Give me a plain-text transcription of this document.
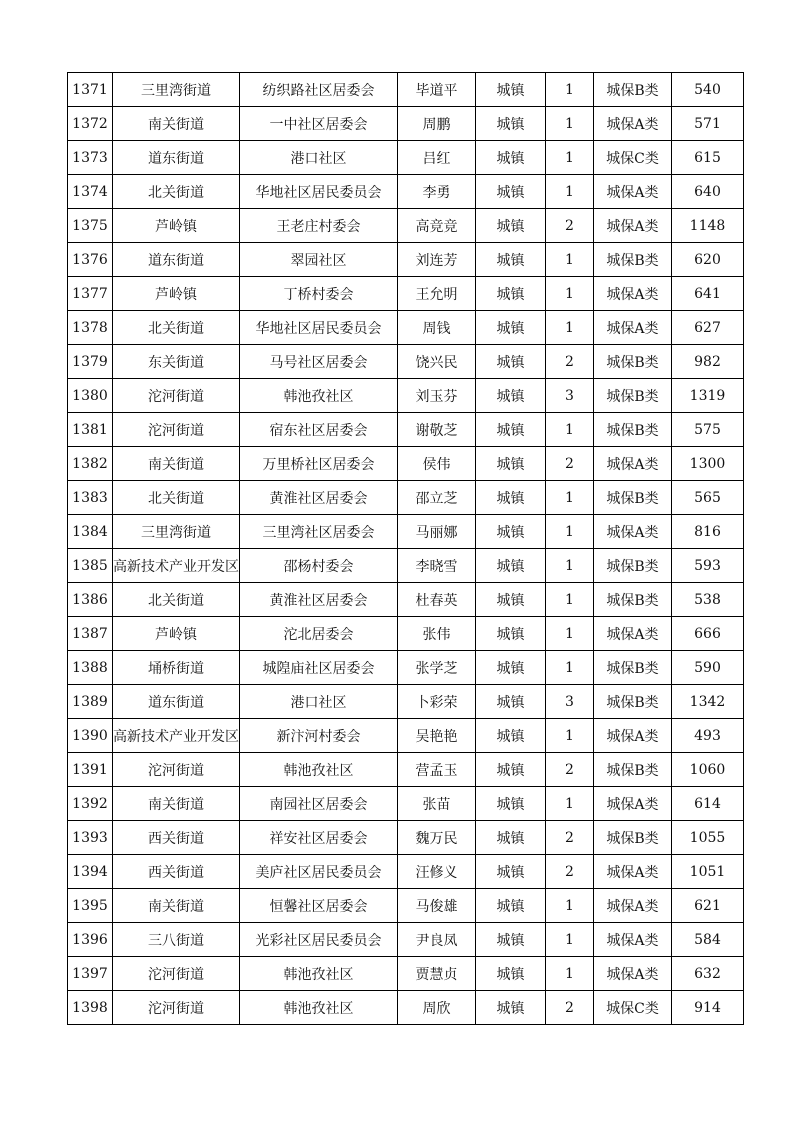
1371	三里湾街道	纺织路社区居委会	毕道平	城镇	1	城保B类	540
1372	南关街道	一中社区居委会	周鹏	城镇	1	城保A类	571
1373	道东街道	港口社区	吕红	城镇	1	城保C类	615
1374	北关街道	华地社区居民委员会	李勇	城镇	1	城保A类	640
1375	芦岭镇	王老庄村委会	高竞竞	城镇	2	城保A类	1148
1376	道东街道	翠园社区	刘连芳	城镇	1	城保B类	620
1377	芦岭镇	丁桥村委会	王允明	城镇	1	城保A类	641
1378	北关街道	华地社区居民委员会	周钱	城镇	1	城保A类	627
1379	东关街道	马号社区居委会	饶兴民	城镇	2	城保B类	982
1380	沱河街道	韩池孜社区	刘玉芬	城镇	3	城保B类	1319
1381	沱河街道	宿东社区居委会	谢敬芝	城镇	1	城保B类	575
1382	南关街道	万里桥社区居委会	侯伟	城镇	2	城保A类	1300
1383	北关街道	黄淮社区居委会	邵立芝	城镇	1	城保B类	565
1384	三里湾街道	三里湾社区居委会	马丽娜	城镇	1	城保A类	816
1385	高新技术产业开发区	邵杨村委会	李晓雪	城镇	1	城保B类	593
1386	北关街道	黄淮社区居委会	杜春英	城镇	1	城保B类	538
1387	芦岭镇	沱北居委会	张伟	城镇	1	城保A类	666
1388	埇桥街道	城隍庙社区居委会	张学芝	城镇	1	城保B类	590
1389	道东街道	港口社区	卜彩荣	城镇	3	城保B类	1342
1390	高新技术产业开发区	新汴河村委会	吴艳艳	城镇	1	城保A类	493
1391	沱河街道	韩池孜社区	营孟玉	城镇	2	城保B类	1060
1392	南关街道	南园社区居委会	张苗	城镇	1	城保A类	614
1393	西关街道	祥安社区居委会	魏万民	城镇	2	城保B类	1055
1394	西关街道	美庐社区居民委员会	汪修义	城镇	2	城保A类	1051
1395	南关街道	恒馨社区居委会	马俊雄	城镇	1	城保A类	621
1396	三八街道	光彩社区居民委员会	尹良凤	城镇	1	城保A类	584
1397	沱河街道	韩池孜社区	贾慧贞	城镇	1	城保A类	632
1398	沱河街道	韩池孜社区	周欣	城镇	2	城保C类	914
